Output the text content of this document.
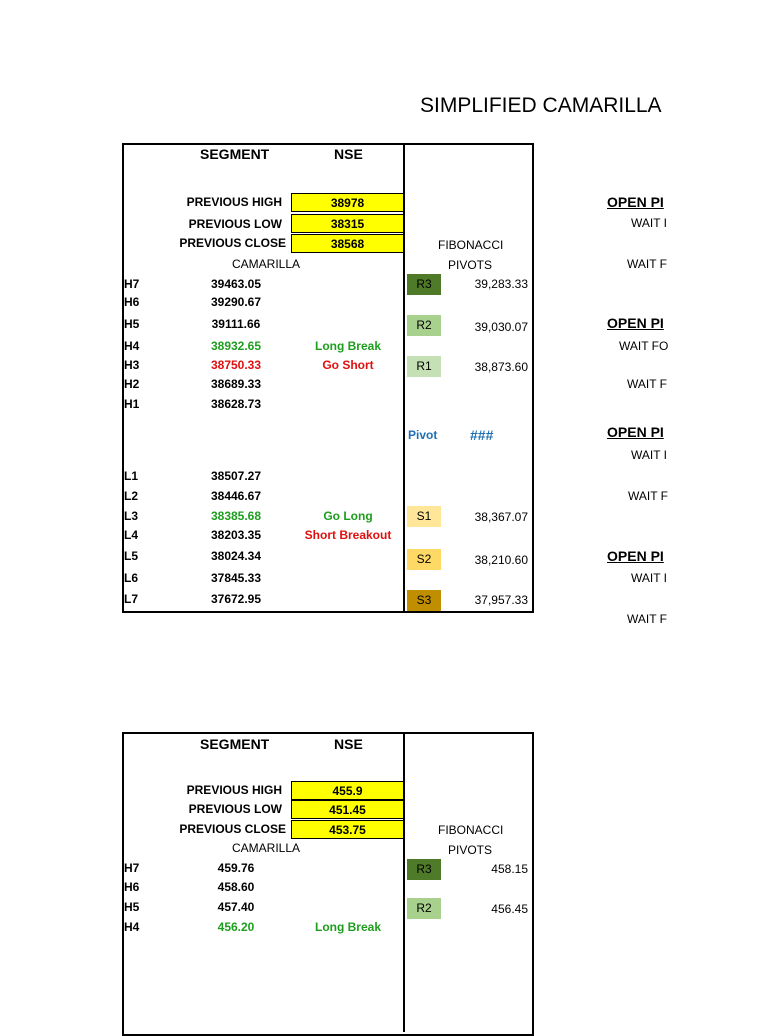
SIMPLIFIED CAMARILLA
SEGMENT	NSE
PREVIOUS HIGH	38978
PREVIOUS LOW	38315
PREVIOUS CLOSE	38568
CAMARILLA
FIBONACCI
PIVOTS
H7	39463.05
H6	39290.67
H5	39111.66
H4	38932.65	Long Break
H3	38750.33	Go Short
H2	38689.33
H1	38628.73
L1	38507.27
L2	38446.67
L3	38385.68	Go Long
L4	38203.35	Short Breakout
L5	38024.34
L6	37845.33
L7	37672.95
R3	39,283.33
R2	39,030.07
R1	38,873.60
Pivot ###
S1	38,367.07
S2	38,210.60
S3	37,957.33
OPEN PI
WAIT I
WAIT F
OPEN PI
WAIT FO
WAIT F
OPEN PI
WAIT I
WAIT F
OPEN PI
WAIT I
WAIT F
SEGMENT	NSE
PREVIOUS HIGH	455.9
PREVIOUS LOW	451.45
PREVIOUS CLOSE	453.75
CAMARILLA
FIBONACCI
PIVOTS
H7	459.76
H6	458.60
H5	457.40
H4	456.20	Long Break
R3	458.15
R2	456.45
